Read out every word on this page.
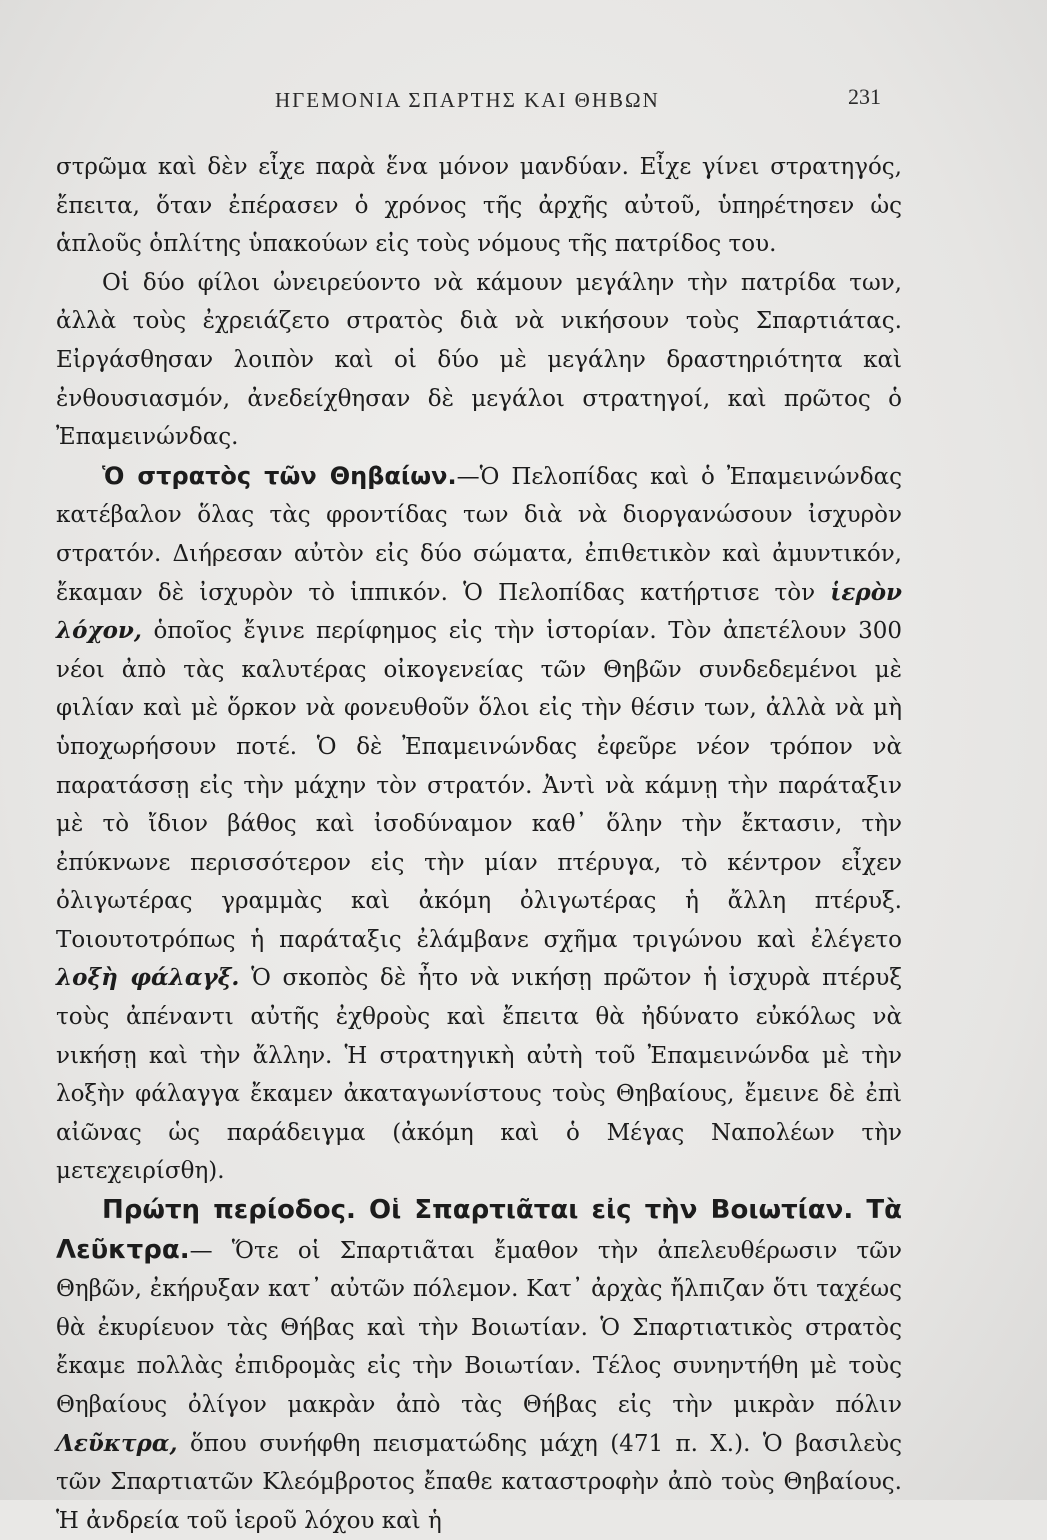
ΗΓΕΜΟΝΙΑ ΣΠΑΡΤΗΣ ΚΑΙ ΘΗΒΩΝ	231

στρῶμα καὶ δὲν εἶχε παρὰ ἕνα μόνον μανδύαν. Εἶχε γίνει στρατηγός, ἔπειτα, ὅταν ἐπέρασεν ὁ χρόνος τῆς ἀρχῆς αὐτοῦ, ὑπηρέτησεν ὡς ἁπλοῦς ὁπλίτης ὑπακούων εἰς τοὺς νόμους τῆς πατρίδος του.

Οἱ δύο φίλοι ὠνειρεύοντο νὰ κάμουν μεγάλην τὴν πατρίδα των, ἀλλὰ τοὺς ἐχρειάζετο στρατὸς διὰ νὰ νικήσουν τοὺς Σπαρτιάτας. Εἰργάσθησαν λοιπὸν καὶ οἱ δύο μὲ μεγάλην δραστηριότητα καὶ ἐνθουσιασμόν, ἀνεδείχθησαν δὲ μεγάλοι στρατηγοί, καὶ πρῶτος ὁ Ἐπαμεινώνδας.

Ὁ στρατὸς τῶν Θηβαίων.—Ὁ Πελοπίδας καὶ ὁ Ἐπαμεινώνδας κατέβαλον ὅλας τὰς φροντίδας των διὰ νὰ διοργανώσουν ἰσχυρὸν στρατόν. Διήρεσαν αὐτὸν εἰς δύο σώματα, ἐπιθετικὸν καὶ ἀμυντικόν, ἔκαμαν δὲ ἰσχυρὸν τὸ ἱππικόν. Ὁ Πελοπίδας κατήρτισε τὸν ἱερὸν λόχον, ὁποῖος ἔγινε περίφημος εἰς τὴν ἱστορίαν. Τὸν ἀπετέλουν 300 νέοι ἀπὸ τὰς καλυτέρας οἰκογενείας τῶν Θηβῶν συνδεδεμένοι μὲ φιλίαν καὶ μὲ ὅρκον νὰ φονευθοῦν ὅλοι εἰς τὴν θέσιν των, ἀλλὰ νὰ μὴ ὑποχωρήσουν ποτέ. Ὁ δὲ Ἐπαμεινώνδας ἐφεῦρε νέον τρόπον νὰ παρατάσσῃ εἰς τὴν μάχην τὸν στρατόν. Ἀντὶ νὰ κάμνῃ τὴν παράταξιν μὲ τὸ ἴδιον βάθος καὶ ἰσοδύναμον καθ᾽ ὅλην τὴν ἔκτασιν, τὴν ἐπύκνωνε περισσότερον εἰς τὴν μίαν πτέρυγα, τὸ κέντρον εἶχεν ὀλιγωτέρας γραμμὰς καὶ ἀκόμη ὀλιγωτέρας ἡ ἄλλη πτέρυξ. Τοιουτοτρόπως ἡ παράταξις ἐλάμβανε σχῆμα τριγώνου καὶ ἐλέγετο λοξὴ φάλαγξ. Ὁ σκοπὸς δὲ ἦτο νὰ νικήσῃ πρῶτον ἡ ἰσχυρὰ πτέρυξ τοὺς ἀπέναντι αὐτῆς ἐχθροὺς καὶ ἔπειτα θὰ ἠδύνατο εὐκόλως νὰ νικήσῃ καὶ τὴν ἄλλην. Ἡ στρατηγικὴ αὐτὴ τοῦ Ἐπαμεινώνδα μὲ τὴν λοξὴν φάλαγγα ἔκαμεν ἀκαταγωνίστους τοὺς Θηβαίους, ἔμεινε δὲ ἐπὶ αἰῶνας ὡς παράδειγμα (ἀκόμη καὶ ὁ Μέγας Ναπολέων τὴν μετεχειρίσθη).

Πρώτη περίοδος. Οἱ Σπαρτιᾶται εἰς τὴν Βοιωτίαν. Τὰ Λεῦκτρα.— Ὅτε οἱ Σπαρτιᾶται ἔμαθον τὴν ἀπελευθέρωσιν τῶν Θηβῶν, ἐκήρυξαν κατ᾽ αὐτῶν πόλεμον. Κατ᾽ ἀρχὰς ἤλπιζαν ὅτι ταχέως θὰ ἐκυρίευον τὰς Θήβας καὶ τὴν Βοιωτίαν. Ὁ Σπαρτιατικὸς στρατὸς ἔκαμε πολλὰς ἐπιδρομὰς εἰς τὴν Βοιωτίαν. Τέλος συνηντήθη μὲ τοὺς Θηβαίους ὀλίγον μακρὰν ἀπὸ τὰς Θήβας εἰς τὴν μικρὰν πόλιν Λεῦκτρα, ὅπου συνήφθη πεισματώδης μάχη (471 π. Χ.). Ὁ βασιλεὺς τῶν Σπαρτιατῶν Κλεόμβροτος ἔπαθε καταστροφὴν ἀπὸ τοὺς Θηβαίους. Ἡ ἀνδρεία τοῦ ἱεροῦ λόχου καὶ ἡ
